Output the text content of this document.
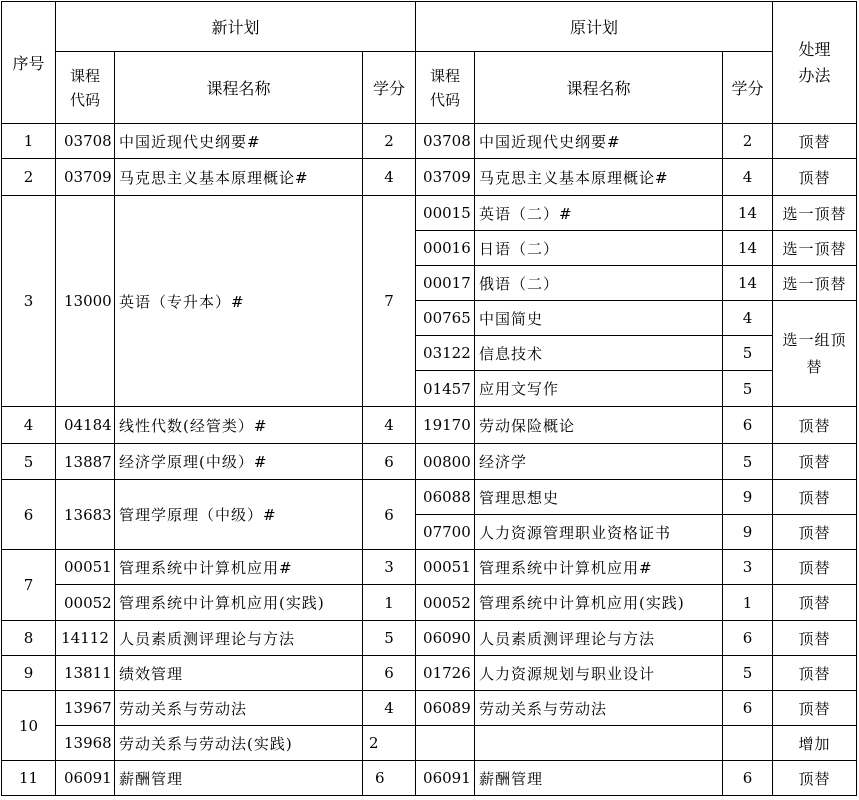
序号	新计划			原计划			处理办法
	课程代码	课程名称	学分	课程代码	课程名称	学分	
1	03708	中国近现代史纲要#	2	03708	中国近现代史纲要#	2	顶替
2	03709	马克思主义基本原理概论#	4	03709	马克思主义基本原理概论#	4	顶替
3	13000	英语（专升本）#	7	00015	英语（二）#	14	选一顶替
				00016	日语（二）	14	选一顶替
				00017	俄语（二）	14	选一顶替
				00765	中国简史	4	选一组顶替
				03122	信息技术	5	
				01457	应用文写作	5	
4	04184	线性代数(经管类）#	4	19170	劳动保险概论	6	顶替
5	13887	经济学原理(中级）#	6	00800	经济学	5	顶替
6	13683	管理学原理（中级）#	6	06088	管理思想史	9	顶替
				07700	人力资源管理职业资格证书	9	顶替
7	00051	管理系统中计算机应用#	3	00051	管理系统中计算机应用#	3	顶替
	00052	管理系统中计算机应用(实践)	1	00052	管理系统中计算机应用(实践)	1	顶替
8	14112	人员素质测评理论与方法	5	06090	人员素质测评理论与方法	6	顶替
9	13811	绩效管理	6	01726	人力资源规划与职业设计	5	顶替
10	13967	劳动关系与劳动法	4	06089	劳动关系与劳动法	6	顶替
	13968	劳动关系与劳动法(实践)	2				增加
11	06091	薪酬管理	6	06091	薪酬管理	6	顶替
